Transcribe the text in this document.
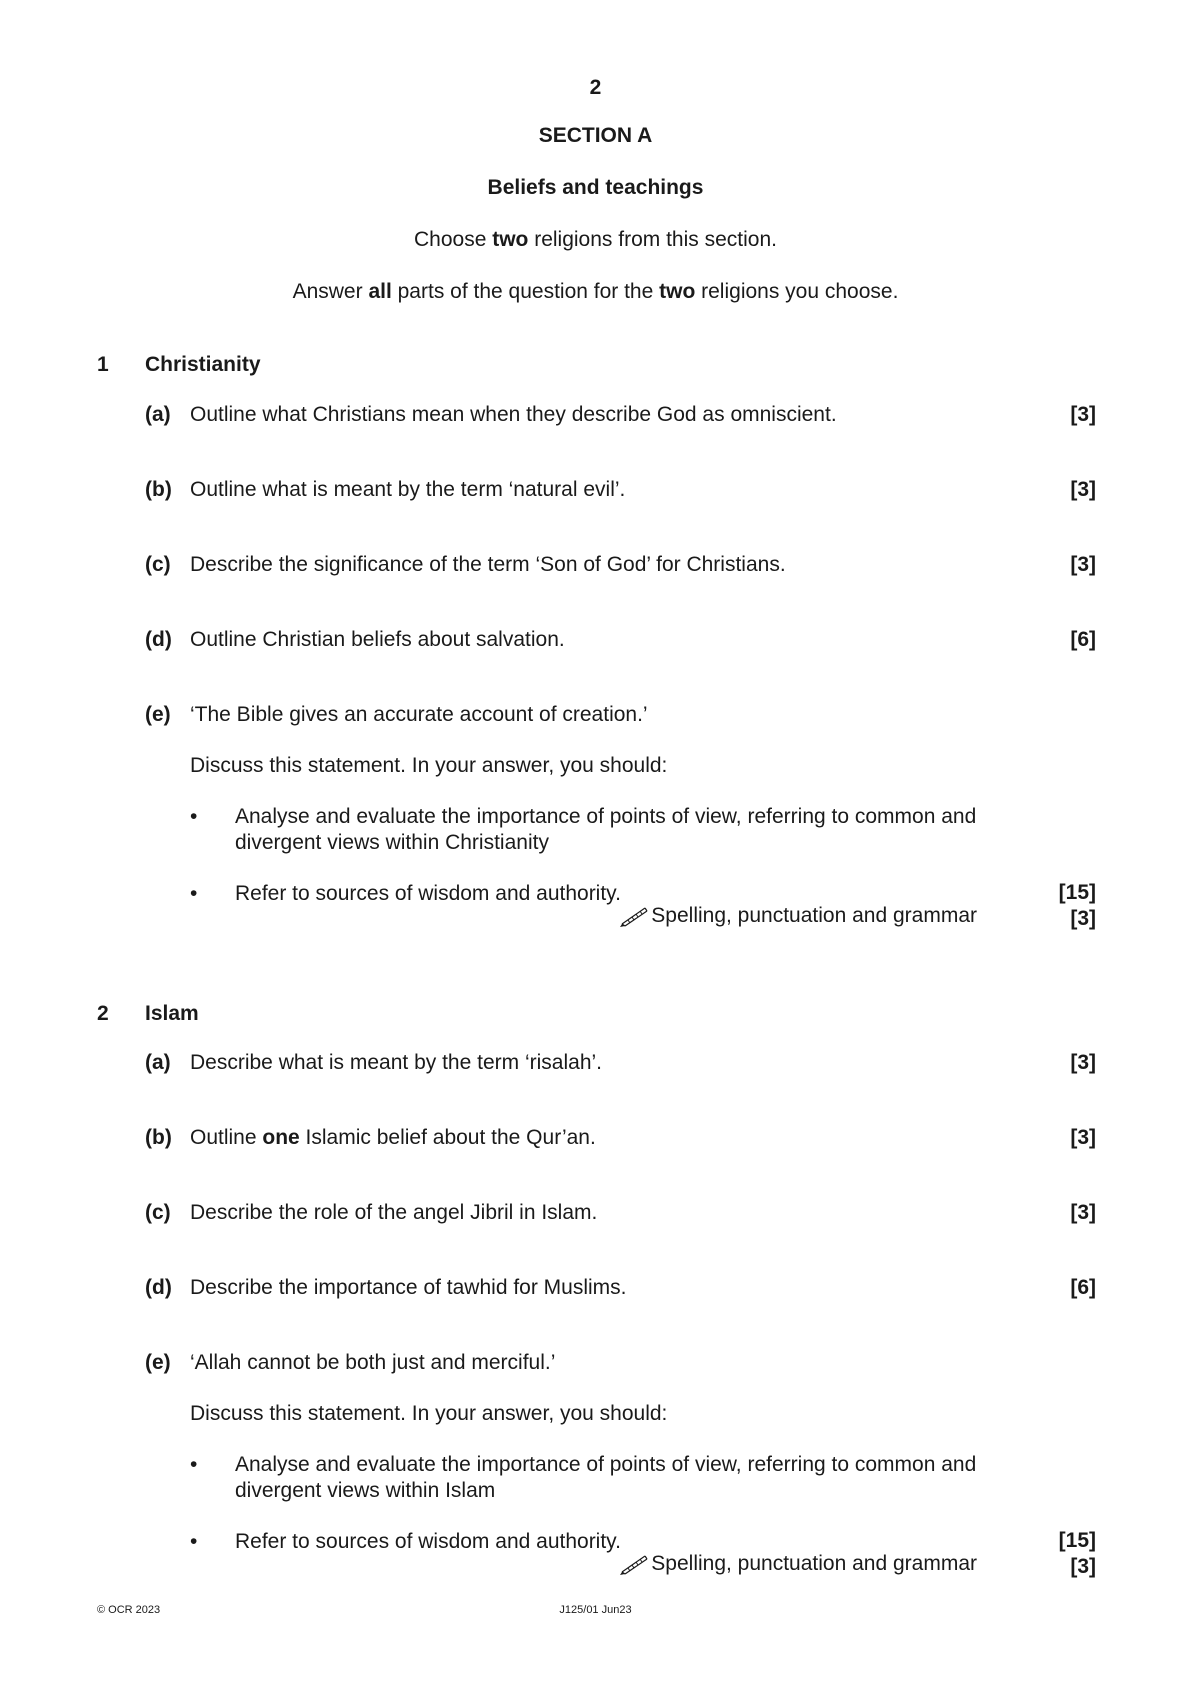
2
SECTION A
Beliefs and teachings
Choose two religions from this section.
Answer all parts of the question for the two religions you choose.
1 Christianity
(a) Outline what Christians mean when they describe God as omniscient.	[3]
(b) Outline what is meant by the term ‘natural evil’.	[3]
(c) Describe the significance of the term ‘Son of God’ for Christians.	[3]
(d) Outline Christian beliefs about salvation.	[6]
(e) ‘The Bible gives an accurate account of creation.’
Discuss this statement. In your answer, you should:
• Analyse and evaluate the importance of points of view, referring to common and divergent views within Christianity
• Refer to sources of wisdom and authority.	[15]
Spelling, punctuation and grammar	[3]
2 Islam
(a) Describe what is meant by the term ‘risalah’.	[3]
(b) Outline one Islamic belief about the Qur’an.	[3]
(c) Describe the role of the angel Jibril in Islam.	[3]
(d) Describe the importance of tawhid for Muslims.	[6]
(e) ‘Allah cannot be both just and merciful.’
Discuss this statement. In your answer, you should:
• Analyse and evaluate the importance of points of view, referring to common and divergent views within Islam
• Refer to sources of wisdom and authority.	[15]
Spelling, punctuation and grammar	[3]
© OCR 2023	J125/01 Jun23
